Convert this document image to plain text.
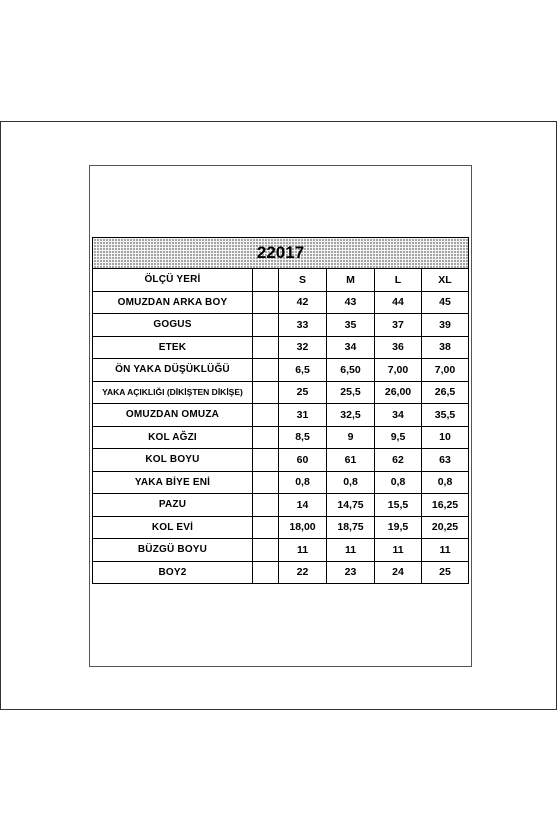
22017					
ÖLÇÜ YERİ		S	M	L	XL
OMUZDAN ARKA BOY		42	43	44	45
GOGUS		33	35	37	39
ETEK		32	34	36	38
ÖN YAKA DÜŞÜKLÜĞÜ		6,5	6,50	7,00	7,00
YAKA AÇIKLIĞI (DİKİŞTEN DİKİŞE)		25	25,5	26,00	26,5
OMUZDAN OMUZA		31	32,5	34	35,5
KOL AĞZI		8,5	9	9,5	10
KOL BOYU		60	61	62	63
YAKA BİYE ENİ		0,8	0,8	0,8	0,8
PAZU		14	14,75	15,5	16,25
KOL EVİ		18,00	18,75	19,5	20,25
BÜZGÜ BOYU		11	11	11	11
BOY2		22	23	24	25
